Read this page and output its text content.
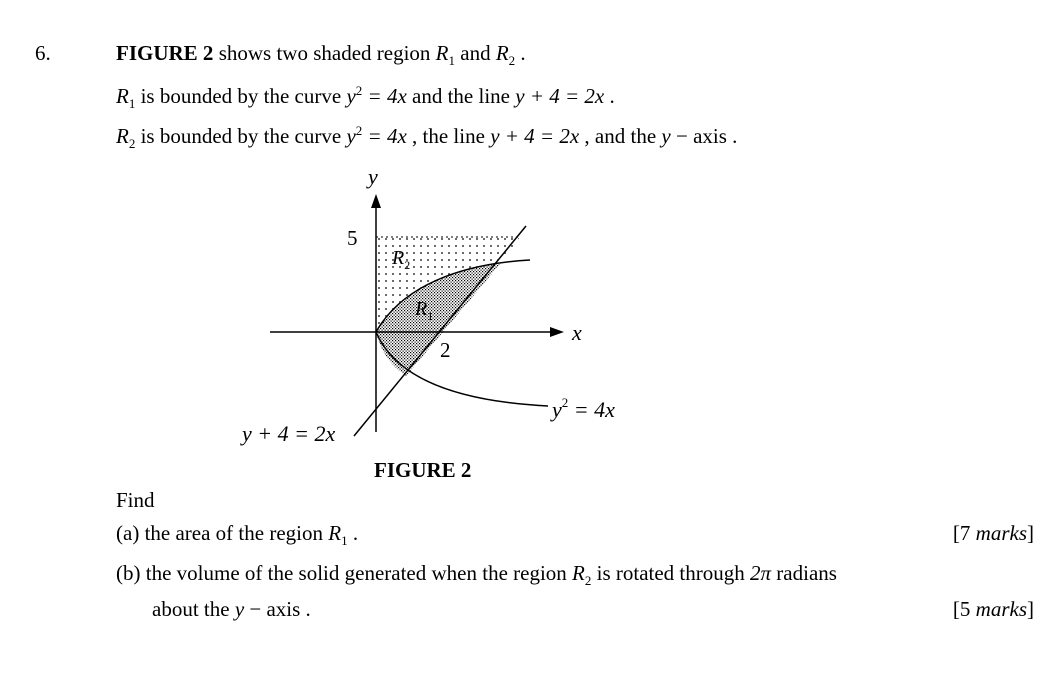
6.	FIGURE 2 shows two shaded region $R_1$ and $R_2$ .
$R_1$ is bounded by the curve $y^2 = 4x$ and the line y + 4 = 2x .
$R_2$ is bounded by the curve $y^2 = 4x$ , the line y + 4 = 2x , and the y − axis .
y
x
5
2
$R_2$
$R_1$
$y^2 = 4x$
y + 4 = 2x
FIGURE 2
Find
(a) the area of the region $R_1$ .	[7 marks]
(b) the volume of the solid generated when the region $R_2$ is rotated through 2π radians
about the y − axis .	[5 marks]
